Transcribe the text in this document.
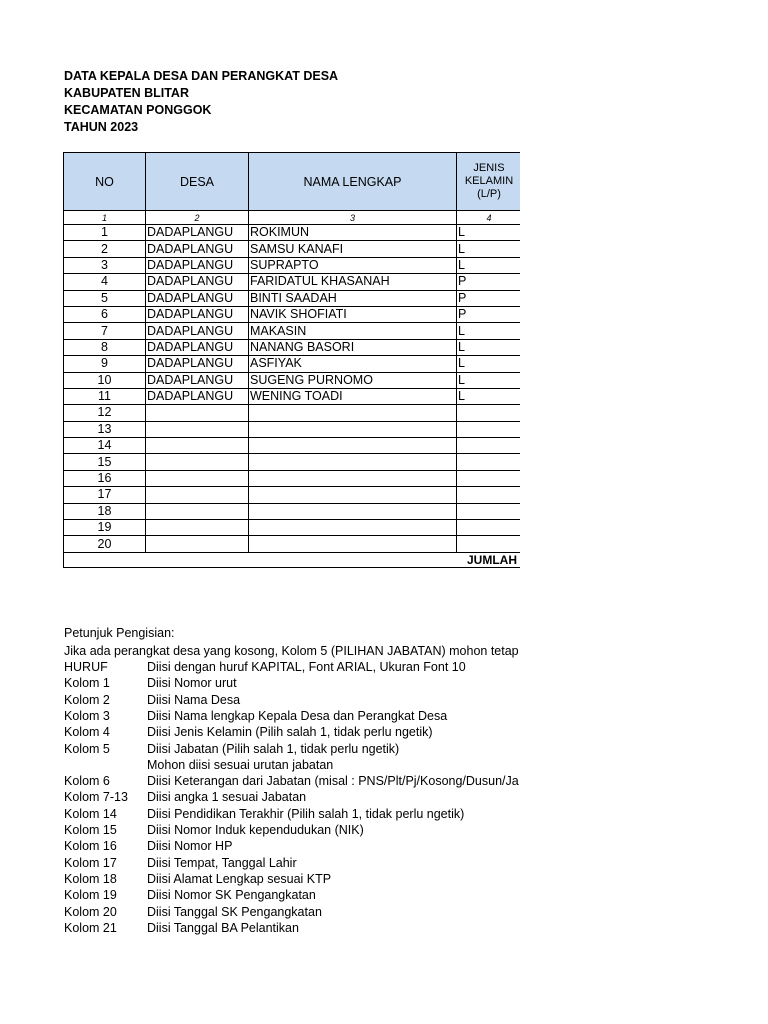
DATA KEPALA DESA DAN PERANGKAT DESA
KABUPATEN BLITAR
KECAMATAN PONGGOK
TAHUN 2023
NO	DESA	NAMA LENGKAP	JENIS KELAMIN (L/P)
1	2	3	4
1	DADAPLANGU	ROKIMUN	L
2	DADAPLANGU	SAMSU KANAFI	L
3	DADAPLANGU	SUPRAPTO	L
4	DADAPLANGU	FARIDATUL KHASANAH	P
5	DADAPLANGU	BINTI SAADAH	P
6	DADAPLANGU	NAVIK SHOFIATI	P
7	DADAPLANGU	MAKASIN	L
8	DADAPLANGU	NANANG BASORI	L
9	DADAPLANGU	ASFIYAK	L
10	DADAPLANGU	SUGENG PURNOMO	L
11	DADAPLANGU	WENING TOADI	L
12			
13			
14			
15			
16			
17			
18			
19			
20			
			JUMLAH
Petunjuk Pengisian:
Jika ada perangkat desa yang kosong, Kolom 5 (PILIHAN JABATAN) mohon tetap
HURUF	Diisi dengan huruf KAPITAL, Font ARIAL, Ukuran Font 10
Kolom 1	Diisi Nomor urut
Kolom 2	Diisi Nama Desa
Kolom 3	Diisi Nama lengkap Kepala Desa dan Perangkat Desa
Kolom 4	Diisi Jenis Kelamin (Pilih salah 1, tidak perlu ngetik)
Kolom 5	Diisi Jabatan (Pilih salah 1, tidak perlu ngetik)
Mohon diisi sesuai urutan jabatan
Kolom 6	Diisi Keterangan dari Jabatan (misal : PNS/Plt/Pj/Kosong/Dusun/Ja
Kolom 7-13	Diisi angka 1 sesuai Jabatan
Kolom 14	Diisi Pendidikan Terakhir (Pilih salah 1, tidak perlu ngetik)
Kolom 15	Diisi Nomor Induk kependudukan (NIK)
Kolom 16	Diisi Nomor HP
Kolom 17	Diisi Tempat, Tanggal Lahir
Kolom 18	Diisi Alamat Lengkap sesuai KTP
Kolom 19	Diisi Nomor SK Pengangkatan
Kolom 20	Diisi Tanggal SK Pengangkatan
Kolom 21	Diisi Tanggal BA Pelantikan
